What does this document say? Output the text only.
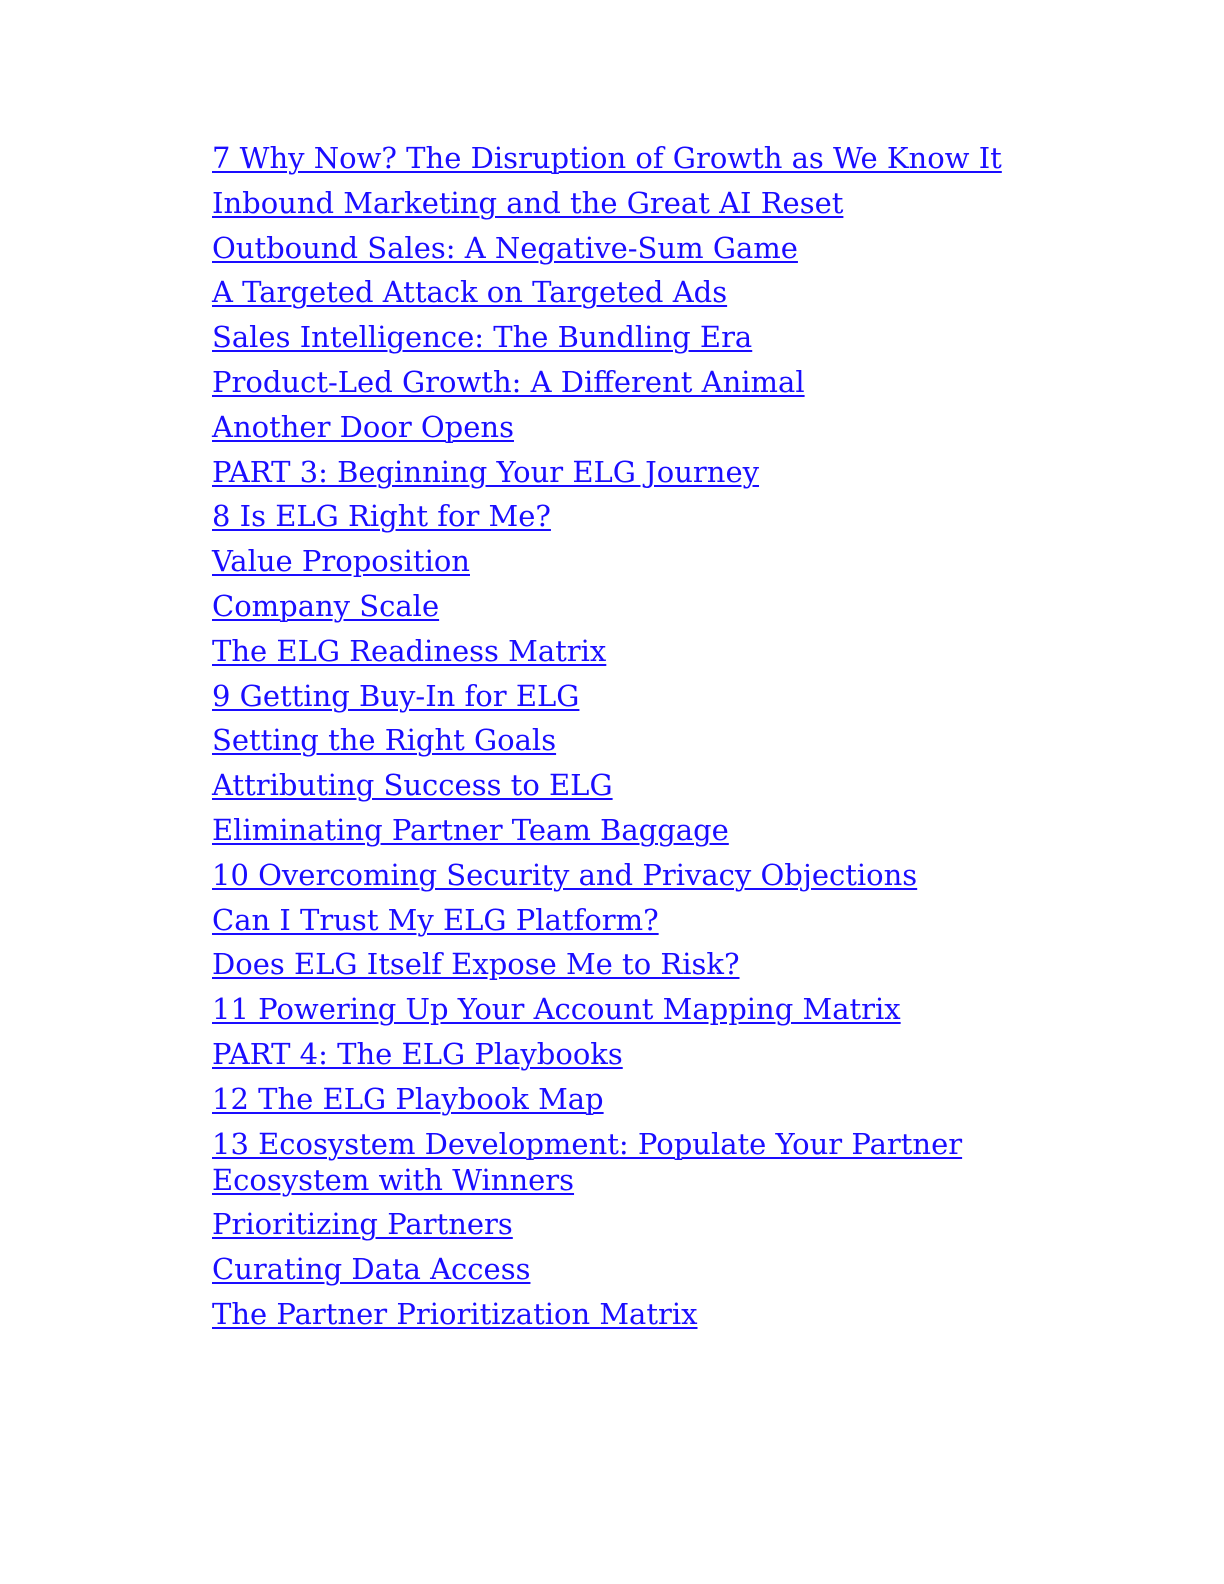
7 Why Now? The Disruption of Growth as We Know It
Inbound Marketing and the Great AI Reset
Outbound Sales: A Negative-Sum Game
A Targeted Attack on Targeted Ads
Sales Intelligence: The Bundling Era
Product-Led Growth: A Different Animal
Another Door Opens
PART 3: Beginning Your ELG Journey
8 Is ELG Right for Me?
Value Proposition
Company Scale
The ELG Readiness Matrix
9 Getting Buy-In for ELG
Setting the Right Goals
Attributing Success to ELG
Eliminating Partner Team Baggage
10 Overcoming Security and Privacy Objections
Can I Trust My ELG Platform?
Does ELG Itself Expose Me to Risk?
11 Powering Up Your Account Mapping Matrix
PART 4: The ELG Playbooks
12 The ELG Playbook Map
13 Ecosystem Development: Populate Your Partner Ecosystem with Winners
Prioritizing Partners
Curating Data Access
The Partner Prioritization Matrix
